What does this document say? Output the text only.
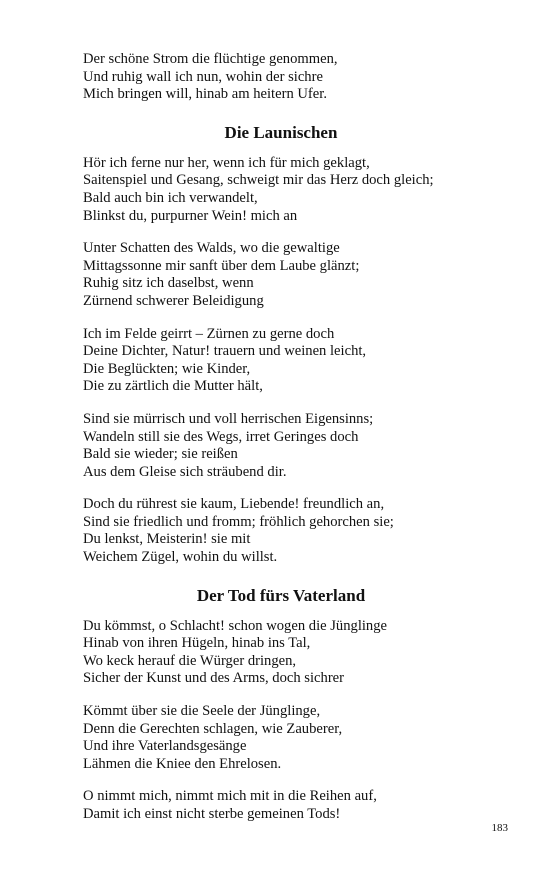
Der schöne Strom die flüchtige genommen,
Und ruhig wall ich nun, wohin der sichre
Mich bringen will, hinab am heitern Ufer.
Die Launischen
Hör ich ferne nur her, wenn ich für mich geklagt,
Saitenspiel und Gesang, schweigt mir das Herz doch gleich;
Bald auch bin ich verwandelt,
Blinkst du, purpurner Wein! mich an
Unter Schatten des Walds, wo die gewaltige
Mittagssonne mir sanft über dem Laube glänzt;
Ruhig sitz ich daselbst, wenn
Zürnend schwerer Beleidigung
Ich im Felde geirrt – Zürnen zu gerne doch
Deine Dichter, Natur! trauern und weinen leicht,
Die Beglückten; wie Kinder,
Die zu zärtlich die Mutter hält,
Sind sie mürrisch und voll herrischen Eigensinns;
Wandeln still sie des Wegs, irret Geringes doch
Bald sie wieder; sie reißen
Aus dem Gleise sich sträubend dir.
Doch du rührest sie kaum, Liebende! freundlich an,
Sind sie friedlich und fromm; fröhlich gehorchen sie;
Du lenkst, Meisterin! sie mit
Weichem Zügel, wohin du willst.
Der Tod fürs Vaterland
Du kömmst, o Schlacht! schon wogen die Jünglinge
Hinab von ihren Hügeln, hinab ins Tal,
Wo keck herauf die Würger dringen,
Sicher der Kunst und des Arms, doch sichrer
Kömmt über sie die Seele der Jünglinge,
Denn die Gerechten schlagen, wie Zauberer,
Und ihre Vaterlandsgesänge
Lähmen die Kniee den Ehrelosen.
O nimmt mich, nimmt mich mit in die Reihen auf,
Damit ich einst nicht sterbe gemeinen Tods!
183
